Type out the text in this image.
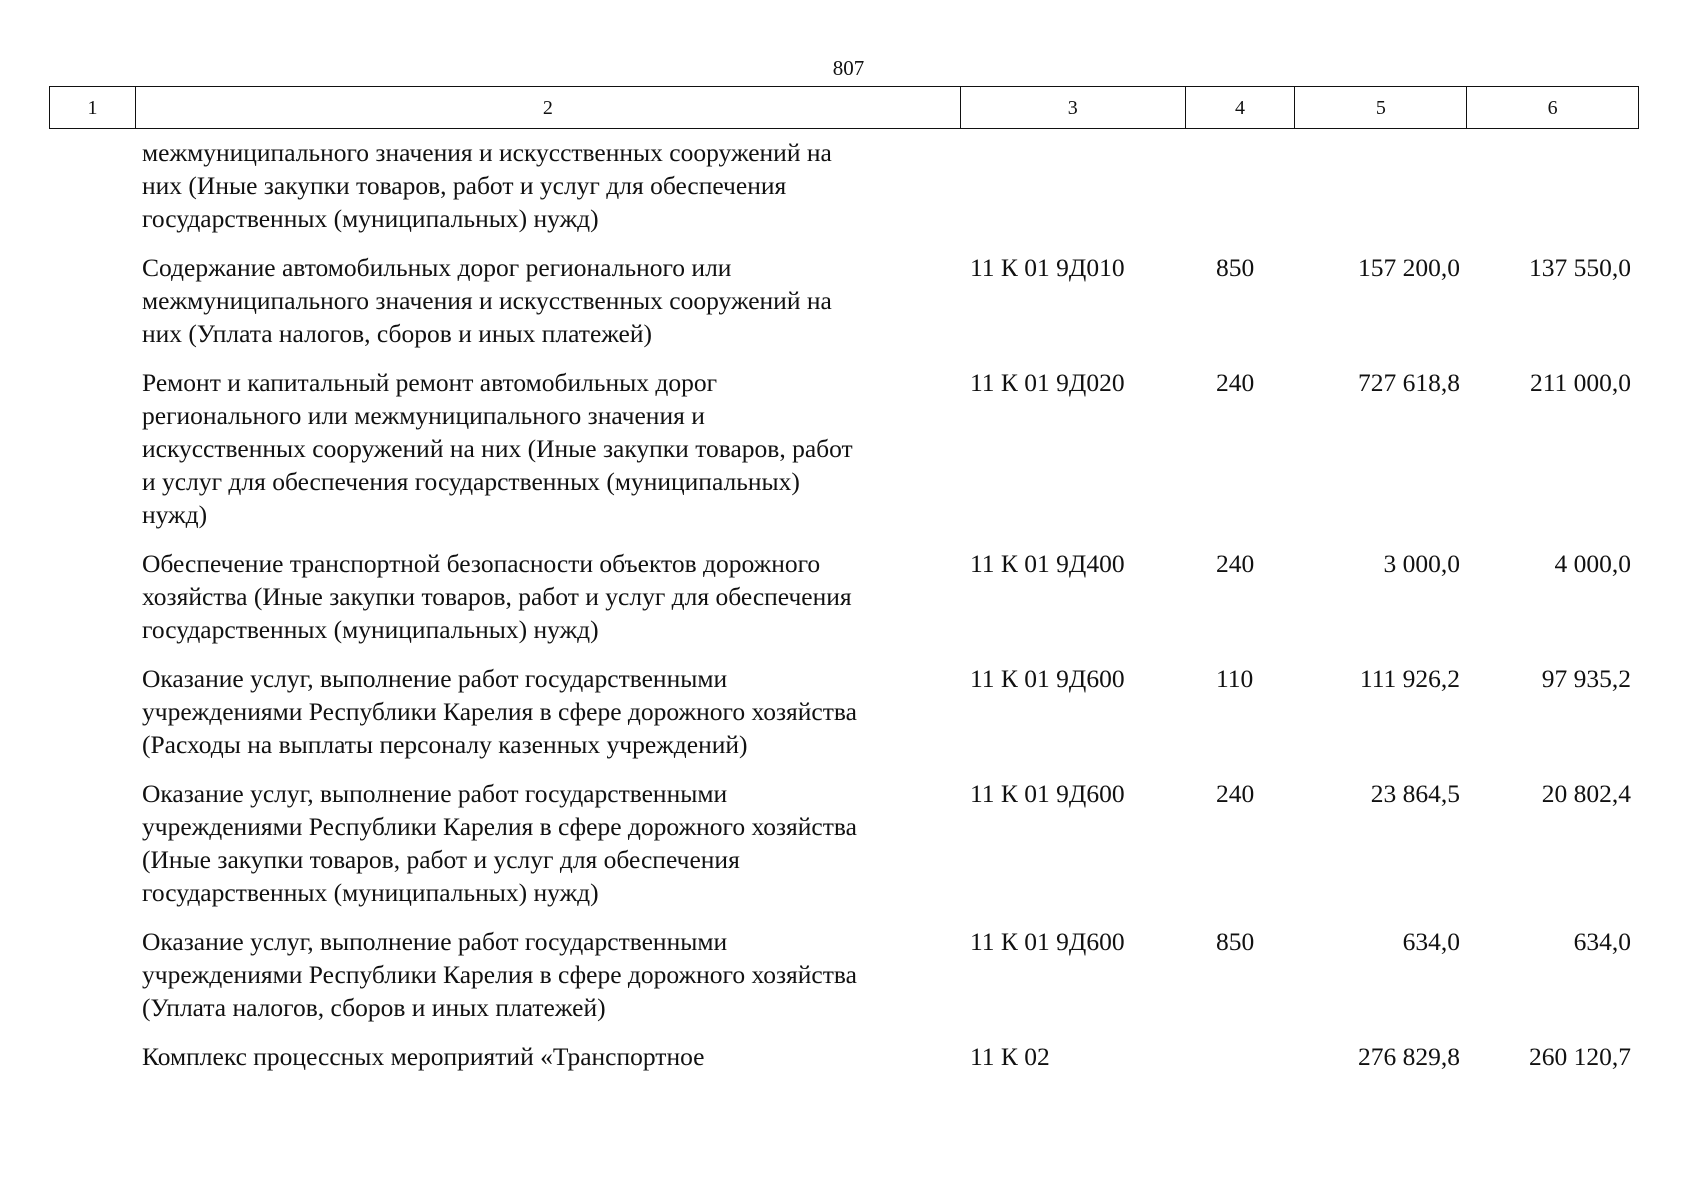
807
1	2	3	4	5	6
межмуниципального значения и искусственных сооружений на
них (Иные закупки товаров, работ и услуг для обеспечения
государственных (муниципальных) нужд)
Содержание автомобильных дорог регионального или
межмуниципального значения и искусственных сооружений на
них (Уплата налогов, сборов и иных платежей)
11 К 01 9Д010	850	157 200,0	137 550,0
Ремонт и капитальный ремонт автомобильных дорог
регионального или межмуниципального значения и
искусственных сооружений на них (Иные закупки товаров, работ
и услуг для обеспечения государственных (муниципальных)
нужд)
11 К 01 9Д020	240	727 618,8	211 000,0
Обеспечение транспортной безопасности объектов дорожного
хозяйства (Иные закупки товаров, работ и услуг для обеспечения
государственных (муниципальных) нужд)
11 К 01 9Д400	240	3 000,0	4 000,0
Оказание услуг, выполнение работ государственными
учреждениями Республики Карелия в сфере дорожного хозяйства
(Расходы на выплаты персоналу казенных учреждений)
11 К 01 9Д600	110	111 926,2	97 935,2
Оказание услуг, выполнение работ государственными
учреждениями Республики Карелия в сфере дорожного хозяйства
(Иные закупки товаров, работ и услуг для обеспечения
государственных (муниципальных) нужд)
11 К 01 9Д600	240	23 864,5	20 802,4
Оказание услуг, выполнение работ государственными
учреждениями Республики Карелия в сфере дорожного хозяйства
(Уплата налогов, сборов и иных платежей)
11 К 01 9Д600	850	634,0	634,0
Комплекс процессных мероприятий «Транспортное	11 К 02	276 829,8	260 120,7
